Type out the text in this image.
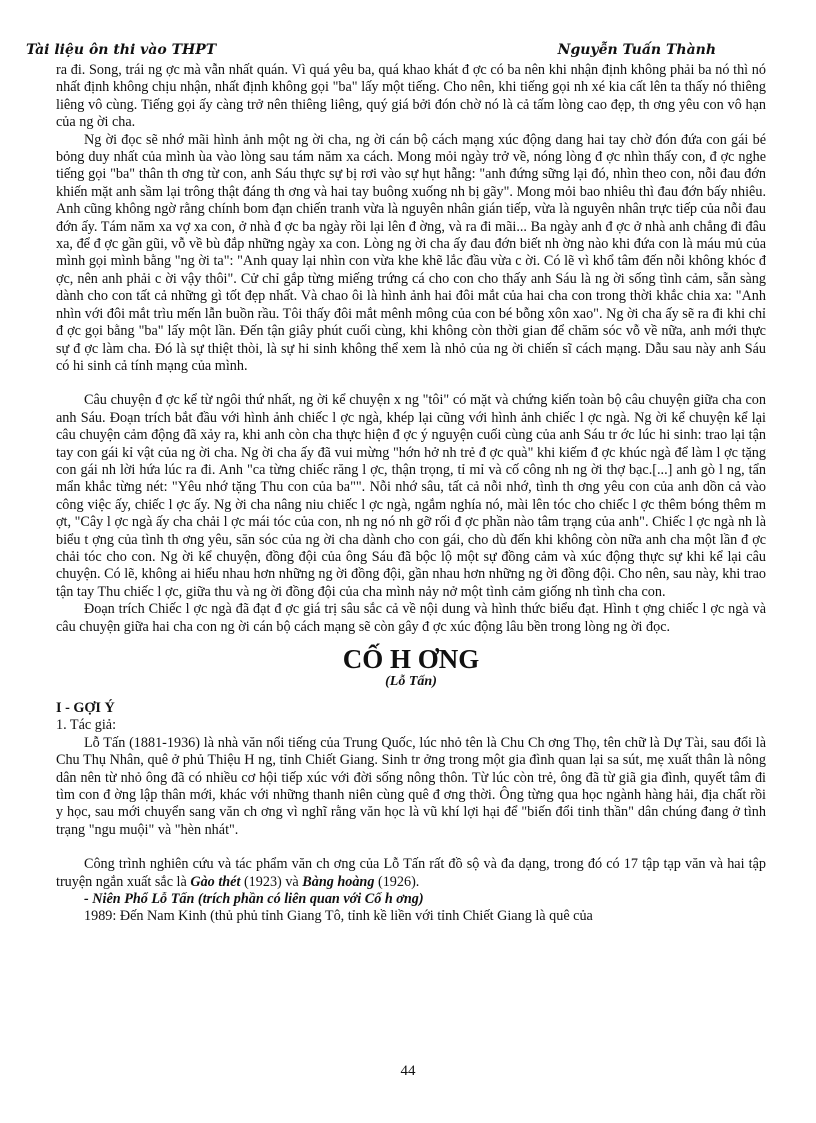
Tài liệu ôn thi vào THPT	Nguyễn Tuấn Thành

ra đi. Song, trái ng ợc mà vẫn nhất quán. Vì quá yêu ba, quá khao khát đ ợc có ba nên khi nhận định không phải ba nó thì nó nhất định không chịu nhận, nhất định không gọi "ba" lấy một tiếng. Cho nên, khi tiếng gọi nh xé kia cất lên ta thấy nó thiêng liêng vô cùng. Tiếng gọi ấy càng trở nên thiêng liêng, quý giá bởi đón chờ nó là cả tấm lòng cao đẹp, th ơng yêu con vô hạn của ng ời cha.

Ng ời đọc sẽ nhớ mãi hình ảnh một ng ời cha, ng ời cán bộ cách mạng xúc động dang hai tay chờ đón đứa con gái bé bỏng duy nhất của mình ùa vào lòng sau tám năm xa cách. Mong mỏi ngày trở về, nóng lòng đ ợc nhìn thấy con, đ ợc nghe tiếng gọi "ba" thân th ơng từ con, anh Sáu thực sự bị rơi vào sự hụt hẫng: "anh đứng sững lại đó, nhìn theo con, nỗi đau đớn khiến mặt anh sầm lại trông thật đáng th ơng và hai tay buông xuống nh bị gãy". Mong mỏi bao nhiêu thì đau đớn bấy nhiêu. Anh cũng không ngờ rằng chính bom đạn chiến tranh vừa là nguyên nhân gián tiếp, vừa là nguyên nhân trực tiếp của nỗi đau đớn ấy. Tám năm xa vợ xa con, ở nhà đ ợc ba ngày rồi lại lên đ ờng, và ra đi mãi... Ba ngày anh đ ợc ở nhà anh chẳng đi đâu xa, để đ ợc gần gũi, vỗ về bù đắp những ngày xa con. Lòng ng ời cha ấy đau đớn biết nh ờng nào khi đứa con là máu mủ của mình gọi mình bằng "ng ời ta": "Anh quay lại nhìn con vừa khe khẽ lắc đầu vừa c ời. Có lẽ vì khổ tâm đến nỗi không khóc đ ợc, nên anh phải c ời vậy thôi". Cử chỉ gắp từng miếng trứng cá cho con cho thấy anh Sáu là ng ời sống tình cảm, sẵn sàng dành cho con tất cả những gì tốt đẹp nhất. Và chao ôi là hình ảnh hai đôi mắt của hai cha con trong thời khắc chia xa: "Anh nhìn với đôi mắt trìu mến lẫn buồn rầu. Tôi thấy đôi mắt mênh mông của con bé bỗng xôn xao". Ng ời cha ấy sẽ ra đi khi chỉ đ ợc gọi bằng "ba" lấy một lần. Đến tận giây phút cuối cùng, khi không còn thời gian để chăm sóc vỗ về nữa, anh mới thực sự đ ợc làm cha. Đó là sự thiệt thòi, là sự hi sinh không thể xem là nhỏ của ng ời chiến sĩ cách mạng. Dẫu sau này anh Sáu có hi sinh cả tính mạng của mình.

Câu chuyện đ ợc kể từ ngôi thứ nhất, ng ời kể chuyện x ng "tôi" có mặt và chứng kiến toàn bộ câu chuyện giữa cha con anh Sáu. Đoạn trích bắt đầu với hình ảnh chiếc l ợc ngà, khép lại cũng với hình ảnh chiếc l ợc ngà. Ng ời kể chuyện kể lại câu chuyện cảm động đã xảy ra, khi anh còn cha thực hiện đ ợc ý nguyện cuối cùng của anh Sáu tr ớc lúc hi sinh: trao lại tận tay con gái kỉ vật của ng ời cha. Ng ời cha ấy đã vui mừng "hớn hở nh trẻ đ ợc quà" khi kiếm đ ợc khúc ngà để làm l ợc tặng con gái nh lời hứa lúc ra đi. Anh "ca từng chiếc răng l ợc, thận trọng, tỉ mỉ và cố công nh ng ời thợ bạc.[...] anh gò l ng, tẩn mẩn khắc từng nét: "Yêu nhớ tặng Thu con của ba"". Nỗi nhớ sâu, tất cả nỗi nhớ, tình th ơng yêu con của anh dồn cả vào công việc ấy, chiếc l ợc ấy. Ng ời cha nâng niu chiếc l ợc ngà, ngắm nghía nó, mài lên tóc cho chiếc l ợc thêm bóng thêm m ợt, "Cây l ợc ngà ấy cha chải l ợc mái tóc của con, nh ng nó nh gỡ rối đ ợc phần nào tâm trạng của anh". Chiếc l ợc ngà nh là biểu t ợng của tình th ơng yêu, săn sóc của ng ời cha dành cho con gái, cho dù đến khi không còn nữa anh cha một lần đ ợc chải tóc cho con. Ng ời kể chuyện, đồng đội của ông Sáu đã bộc lộ một sự đồng cảm và xúc động thực sự khi kể lại câu chuyện. Có lẽ, không ai hiểu nhau hơn những ng ời đồng đội, gần nhau hơn những ng ời đồng đội. Cho nên, sau này, khi trao tận tay Thu chiếc l ợc, giữa thu và ng ời đồng đội của cha mình nảy nở một tình cảm giống nh tình cha con.

Đoạn trích Chiếc l ợc ngà đã đạt đ ợc giá trị sâu sắc cả về nội dung và hình thức biểu đạt. Hình t ợng chiếc l ợc ngà và câu chuyện giữa hai cha con ng ời cán bộ cách mạng sẽ còn gây đ ợc xúc động lâu bền trong lòng ng ời đọc.

CỐ H ƠNG
(Lỗ Tấn)

I - GỢI Ý

1. Tác giả:

Lỗ Tấn (1881-1936) là nhà văn nổi tiếng của Trung Quốc, lúc nhỏ tên là Chu Ch ơng Thọ, tên chữ là Dự Tài, sau đổi là Chu Thụ Nhân, quê ở phủ Thiệu H ng, tỉnh Chiết Giang. Sinh tr ởng trong một gia đình quan lại sa sút, mẹ xuất thân là nông dân nên từ nhỏ ông đã có nhiều cơ hội tiếp xúc với đời sống nông thôn. Từ lúc còn trẻ, ông đã từ giã gia đình, quyết tâm đi tìm con đ ờng lập thân mới, khác với những thanh niên cùng quê đ ơng thời. Ông từng qua học ngành hàng hải, địa chất rồi y học, sau mới chuyển sang văn ch ơng vì nghĩ rằng văn học là vũ khí lợi hại để "biến đổi tinh thần" dân chúng đang ở tình trạng "ngu muội" và "hèn nhát".

Công trình nghiên cứu và tác phẩm văn ch ơng của Lỗ Tấn rất đồ sộ và đa dạng, trong đó có 17 tập tạp văn và hai tập truyện ngắn xuất sắc là Gào thét (1923) và Bàng hoàng (1926).

- Niên Phổ Lỗ Tấn (trích phần có liên quan với Cố h ơng)

1989: Đến Nam Kinh (thủ phủ tỉnh Giang Tô, tỉnh kề liền với tỉnh Chiết Giang là quê của

44
